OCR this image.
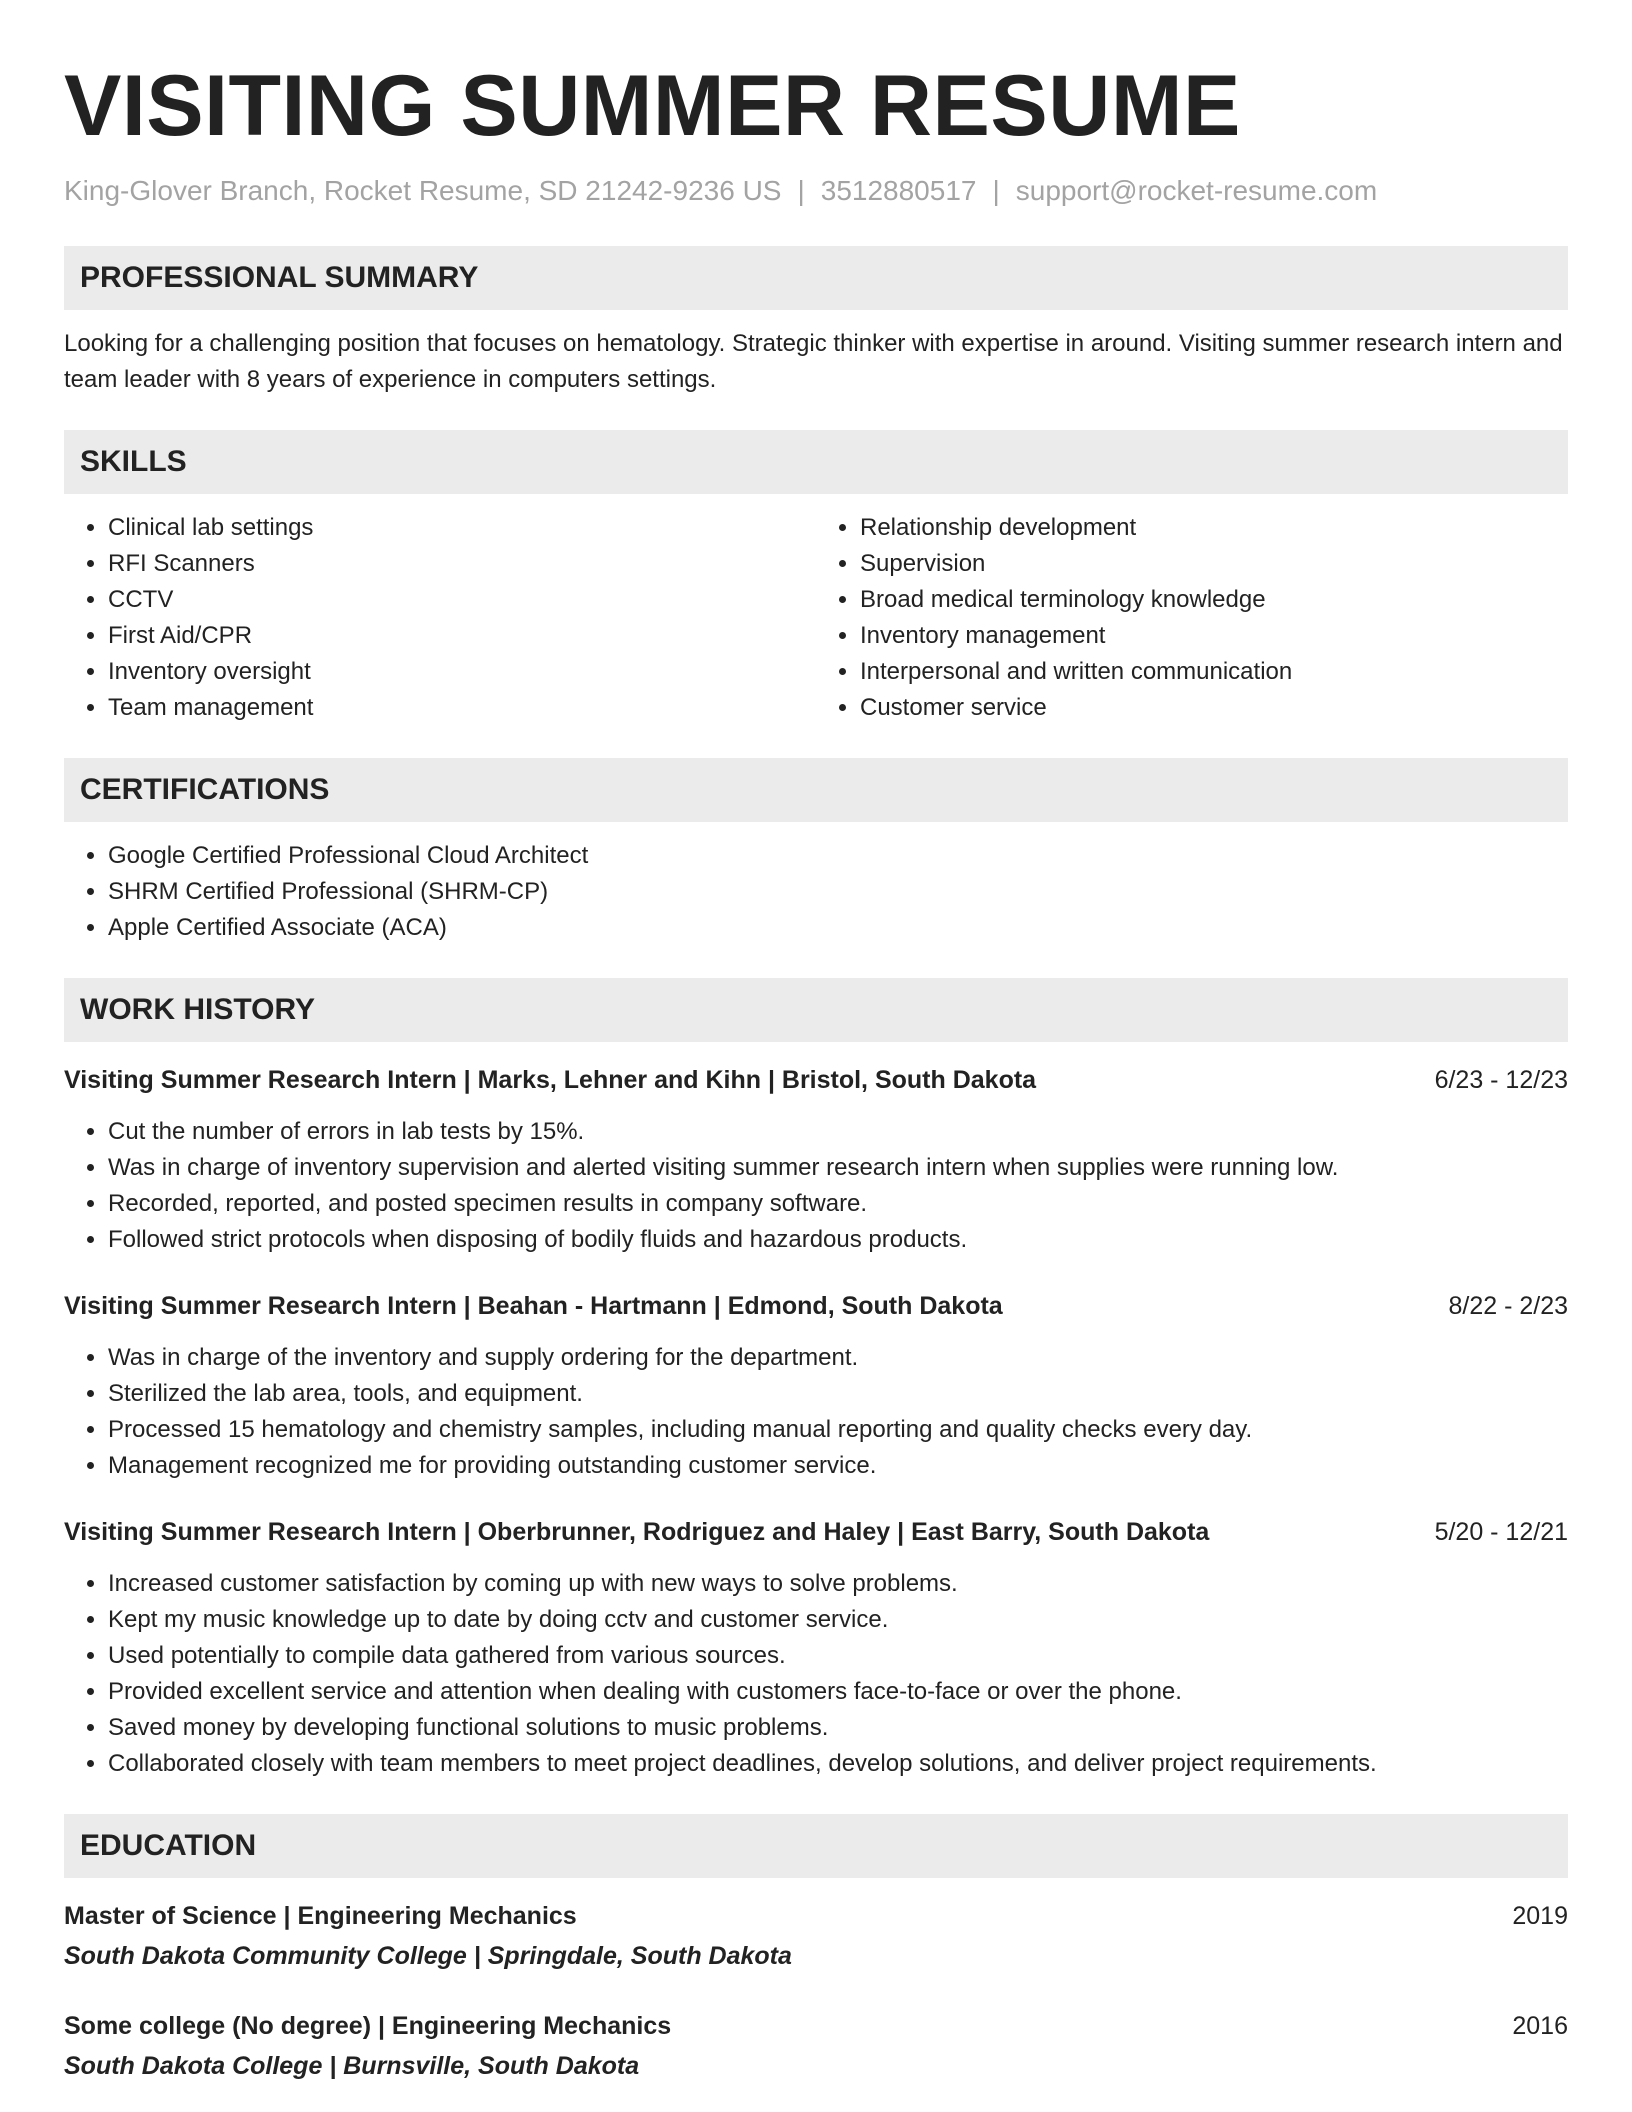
VISITING SUMMER RESUME
King-Glover Branch, Rocket Resume, SD 21242-9236 US | 3512880517 | support@rocket-resume.com
PROFESSIONAL SUMMARY

Looking for a challenging position that focuses on hematology. Strategic thinker with expertise in around. Visiting summer research intern and team leader with 8 years of experience in computers settings.

SKILLS
• Clinical lab settings
• RFI Scanners
• CCTV
• First Aid/CPR
• Inventory oversight
• Team management
• Relationship development
• Supervision
• Broad medical terminology knowledge
• Inventory management
• Interpersonal and written communication
• Customer service
CERTIFICATIONS
• Google Certified Professional Cloud Architect
• SHRM Certified Professional (SHRM-CP)
• Apple Certified Associate (ACA)
WORK HISTORY
Visiting Summer Research Intern | Marks, Lehner and Kihn | Bristol, South Dakota	6/23 - 12/23
• Cut the number of errors in lab tests by 15%.
• Was in charge of inventory supervision and alerted visiting summer research intern when supplies were running low.
• Recorded, reported, and posted specimen results in company software.
• Followed strict protocols when disposing of bodily fluids and hazardous products.
Visiting Summer Research Intern | Beahan - Hartmann | Edmond, South Dakota	8/22 - 2/23
• Was in charge of the inventory and supply ordering for the department.
• Sterilized the lab area, tools, and equipment.
• Processed 15 hematology and chemistry samples, including manual reporting and quality checks every day.
• Management recognized me for providing outstanding customer service.
Visiting Summer Research Intern | Oberbrunner, Rodriguez and Haley | East Barry, South Dakota	5/20 - 12/21
• Increased customer satisfaction by coming up with new ways to solve problems.
• Kept my music knowledge up to date by doing cctv and customer service.
• Used potentially to compile data gathered from various sources.
• Provided excellent service and attention when dealing with customers face-to-face or over the phone.
• Saved money by developing functional solutions to music problems.
• Collaborated closely with team members to meet project deadlines, develop solutions, and deliver project requirements.
EDUCATION
Master of Science | Engineering Mechanics	2019
South Dakota Community College | Springdale, South Dakota
Some college (No degree) | Engineering Mechanics	2016
South Dakota College | Burnsville, South Dakota
